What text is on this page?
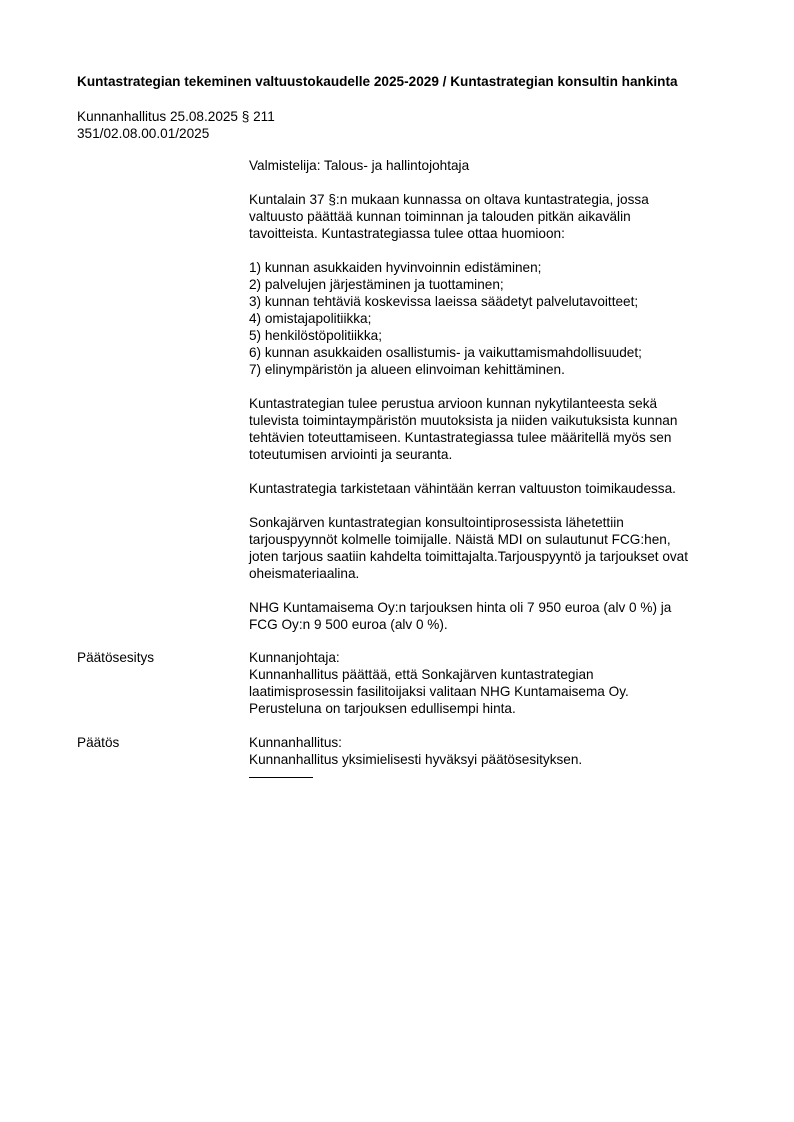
Kuntastrategian tekeminen valtuustokaudelle 2025-2029 / Kuntastrategian konsultin hankinta
Kunnanhallitus 25.08.2025 § 211
351/02.08.00.01/2025

Valmistelija: Talous- ja hallintojohtaja

Kuntalain 37 §:n mukaan kunnassa on oltava kuntastrategia, jossa
valtuusto päättää kunnan toiminnan ja talouden pitkän aikavälin
tavoitteista. Kuntastrategiassa tulee ottaa huomioon:

1) kunnan asukkaiden hyvinvoinnin edistäminen;
2) palvelujen järjestäminen ja tuottaminen;
3) kunnan tehtäviä koskevissa laeissa säädetyt palvelutavoitteet;
4) omistajapolitiikka;
5) henkilöstöpolitiikka;
6) kunnan asukkaiden osallistumis- ja vaikuttamismahdollisuudet;
7) elinympäristön ja alueen elinvoiman kehittäminen.

Kuntastrategian tulee perustua arvioon kunnan nykytilanteesta sekä
tulevista toimintaympäristön muutoksista ja niiden vaikutuksista kunnan
tehtävien toteuttamiseen. Kuntastrategiassa tulee määritellä myös sen
toteutumisen arviointi ja seuranta.

Kuntastrategia tarkistetaan vähintään kerran valtuuston toimikaudessa.

Sonkajärven kuntastrategian konsultointiprosessista lähetettiin
tarjouspyynnöt kolmelle toimijalle. Näistä MDI on sulautunut FCG:hen,
joten tarjous saatiin kahdelta toimittajalta.Tarjouspyyntö ja tarjoukset ovat
oheismateriaalina.

NHG Kuntamaisema Oy:n tarjouksen hinta oli 7 950 euroa (alv 0 %) ja
FCG Oy:n 9 500 euroa (alv 0 %).

Päätösesitys	Kunnanjohtaja:
Kunnanhallitus päättää, että Sonkajärven kuntastrategian
laatimisprosessin fasilitoijaksi valitaan NHG Kuntamaisema Oy.
Perusteluna on tarjouksen edullisempi hinta.
Päätös	Kunnanhallitus:
Kunnanhallitus yksimielisesti hyväksyi päätösesityksen.
